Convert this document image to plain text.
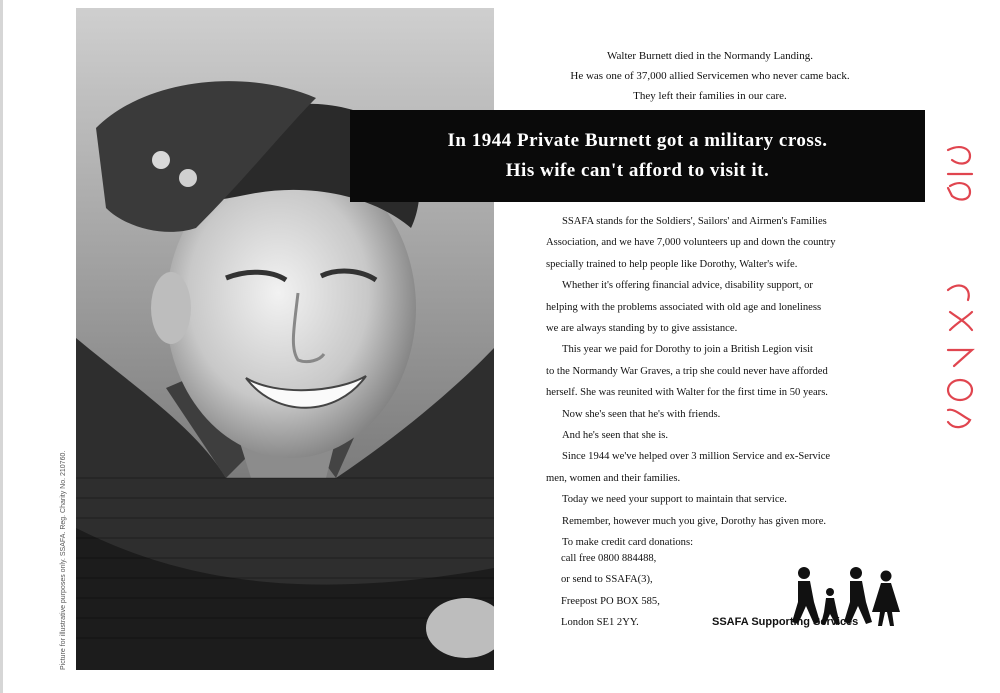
Picture for illustrative purposes only. SSAFA. Reg. Charity No. 210760.
Walter Burnett died in the Normandy Landing.
He was one of 37,000 allied Servicemen who never came back.
They left their families in our care.
In 1944 Private Burnett got a military cross.
His wife can't afford to visit it.
SSAFA stands for the Soldiers', Sailors' and Airmen's Families
Association, and we have 7,000 volunteers up and down the country
specially trained to help people like Dorothy, Walter's wife.
Whether it's offering financial advice, disability support, or
helping with the problems associated with old age and loneliness
we are always standing by to give assistance.
This year we paid for Dorothy to join a British Legion visit
to the Normandy War Graves, a trip she could never have afforded
herself. She was reunited with Walter for the first time in 50 years.
Now she's seen that he's with friends.
And he's seen that she is.
Since 1944 we've helped over 3 million Service and ex-Service
men, women and their families.
Today we need your support to maintain that service.
Remember, however much you give, Dorothy has given more.
To make credit card donations:
call free 0800 884488,
or send to SSAFA(3),
Freepost PO BOX 585,
London SE1 2YY.	SSAFA Supporting Services
